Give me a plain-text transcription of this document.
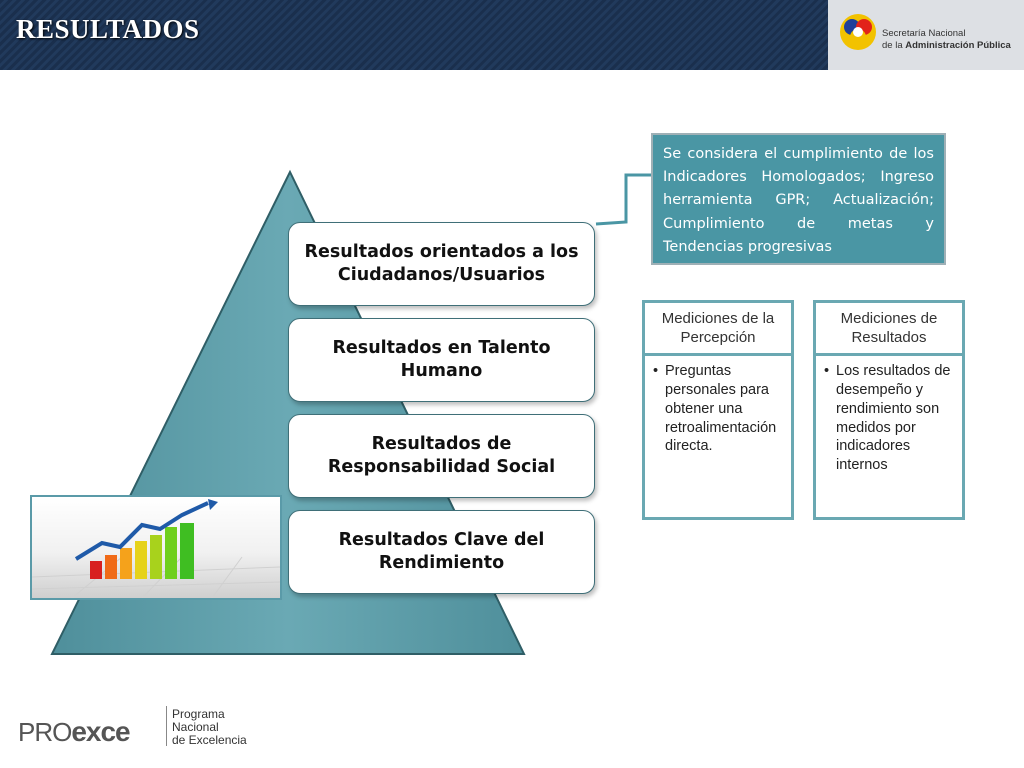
RESULTADOS	Secretaría Nacional
de la Administración Pública
Resultados orientados a los Ciudadanos/Usuarios
Resultados en Talento Humano
Resultados de Responsabilidad Social
Resultados Clave del Rendimiento
Se considera el cumplimiento de los Indicadores Homologados; Ingreso herramienta GPR; Actualización; Cumplimiento de metas y Tendencias progresivas
Mediciones de la Percepción
• Preguntas personales para obtener una retroalimentación directa.
Mediciones de Resultados
• Los resultados de desempeño y rendimiento son medidos por indicadores internos
PROexce
Programa
Nacional
de Excelencia
